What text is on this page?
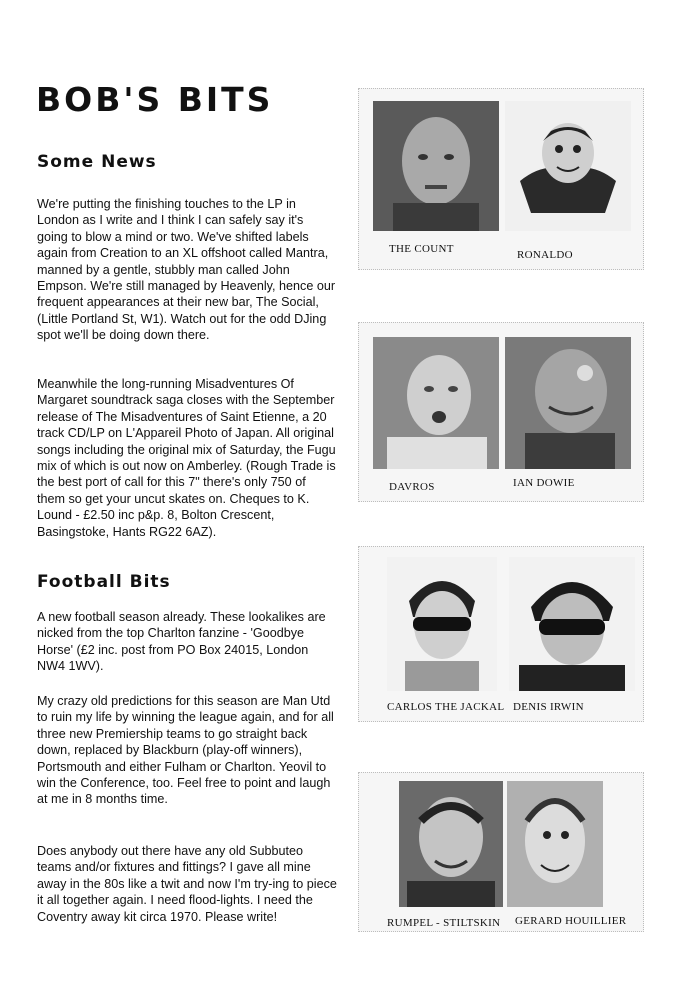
BOB'S BITS
Some News

We're putting the finishing touches to the LP in London as I write and I think I can safely say it's going to blow a mind or two. We've shifted labels again from Creation to an XL offshoot called Mantra, manned by a gentle, stubbly man called John Empson. We're still managed by Heavenly, hence our frequent appearances at their new bar, The Social, (Little Portland St, W1). Watch out for the odd DJing spot we'll be doing down there.

Meanwhile the long-running Misadventures Of Margaret soundtrack saga closes with the September release of The Misadventures of Saint Etienne, a 20 track CD/LP on L'Appareil Photo of Japan. All original songs including the original mix of Saturday, the Fugu mix of which is out now on Amberley. (Rough Trade is the best port of call for this 7" there's only 750 of them so get your uncut skates on. Cheques to K. Lound - £2.50 inc p&p. 8, Bolton Crescent, Basingstoke, Hants RG22 6AZ).

Football Bits

A new football season already. These lookalikes are nicked from the top Charlton fanzine - 'Goodbye Horse' (£2 inc. post from PO Box 24015, London NW4 1WV).

My crazy old predictions for this season are Man Utd to ruin my life by winning the league again, and for all three new Premiership teams to go straight back down, replaced by Blackburn (play-off winners), Portsmouth and either Fulham or Charlton. Yeovil to win the Conference, too. Feel free to point and laugh at me in 8 months time.

Does anybody out there have any old Subbuteo teams and/or fixtures and fittings? I gave all mine away in the 80s like a twit and now I'm try-ing to piece it all together again. I need flood-lights. I need the Coventry away kit circa 1970. Please write!

THE COUNT	RONALDO
DAVROS	IAN DOWIE
CARLOS THE JACKAL DENIS IRWIN
RUMPEL - STILTSKIN GERARD HOUILLIER
